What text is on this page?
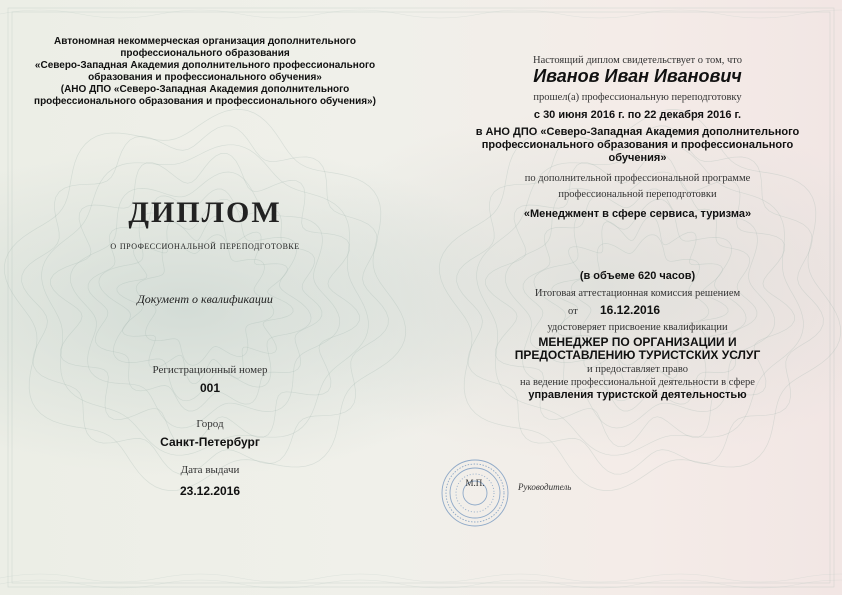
Автономная некоммерческая организация дополнительного
профессионального образования
«Северо-Западная Академия дополнительного профессионального
образования и профессионального обучения»
(АНО ДПО «Северо-Западная Академия дополнительного
профессионального образования и профессионального обучения»)
ДИПЛОМ
о профессиональной переподготовке
Документ о квалификации
Регистрационный номер
001
Город
Санкт-Петербург
Дата выдачи
23.12.2016
Настоящий диплом свидетельствует о том, что
Иванов Иван Иванович
прошел(а) профессиональную переподготовку
с 30 июня 2016 г. по 22 декабря 2016 г.
в АНО ДПО «Северо-Западная Академия дополнительного
профессионального образования и профессионального
обучения»
по дополнительной профессиональной программе
профессиональной переподготовки
«Менеджмент в сфере сервиса, туризма»
(в объеме 620 часов)
Итоговая аттестационная комиссия решением
от	16.12.2016
удостоверяет присвоение квалификации
МЕНЕДЖЕР ПО ОРГАНИЗАЦИИ И
ПРЕДОСТАВЛЕНИЮ ТУРИСТСКИХ УСЛУГ
и предоставляет право
на ведение профессиональной деятельности в сфере
управления туристской деятельностью
М.П.	Руководитель
